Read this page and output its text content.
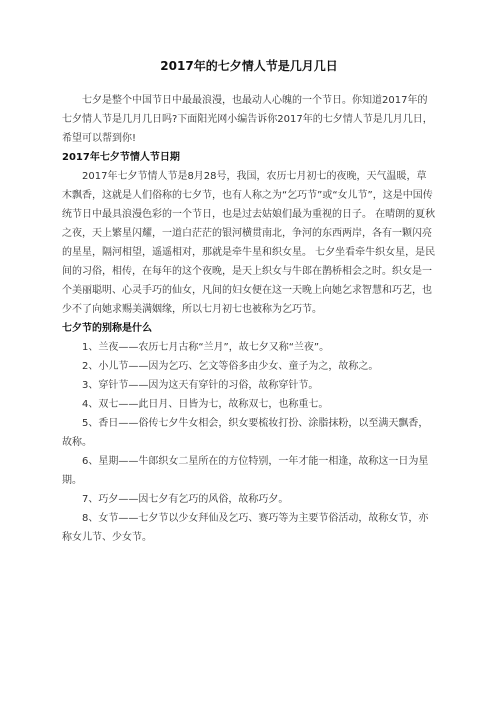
2017年的七夕情人节是几月几日

七夕是整个中国节日中最最浪漫，也最动人心魄的一个节日。你知道2017年的七夕情人节是几月几日吗?下面阳光网小编告诉你2017年的七夕情人节是几月几日，希望可以帮到你!

2017年七夕节情人节日期

2017年七夕节情人节是8月28号，我国，农历七月初七的夜晚，天气温暖，草木飘香，这就是人们俗称的七夕节，也有人称之为“乞巧节”或“女儿节”，这是中国传统节日中最具浪漫色彩的一个节日，也是过去姑娘们最为重视的日子。 在晴朗的夏秋之夜，天上繁星闪耀，一道白茫茫的银河横贯南北，争河的东西两岸，各有一颗闪亮的星星，隔河相望，遥遥相对，那就是牵牛星和织女星。 七夕坐看牵牛织女星，是民间的习俗，相传，在每年的这个夜晚，是天上织女与牛郎在鹊桥相会之时。织女是一个美丽聪明、心灵手巧的仙女，凡间的妇女便在这一天晚上向她乞求智慧和巧艺，也少不了向她求赐美满姻缘，所以七月初七也被称为乞巧节。

七夕节的别称是什么
1、兰夜——农历七月古称“兰月”，故七夕又称“兰夜”。
2、小儿节——因为乞巧、乞文等俗多由少女、童子为之，故称之。
3、穿针节——因为这天有穿针的习俗，故称穿针节。
4、双七——此日月、日皆为七，故称双七，也称重七。
5、香日——俗传七夕牛女相会，织女要梳妆打扮、涂脂抹粉，以至满天飘香，故称。
6、星期——牛郎织女二星所在的方位特别，一年才能一相逢，故称这一日为星期。
7、巧夕——因七夕有乞巧的风俗，故称巧夕。
8、女节——七夕节以少女拜仙及乞巧、赛巧等为主要节俗活动，故称女节，亦称女儿节、少女节。
